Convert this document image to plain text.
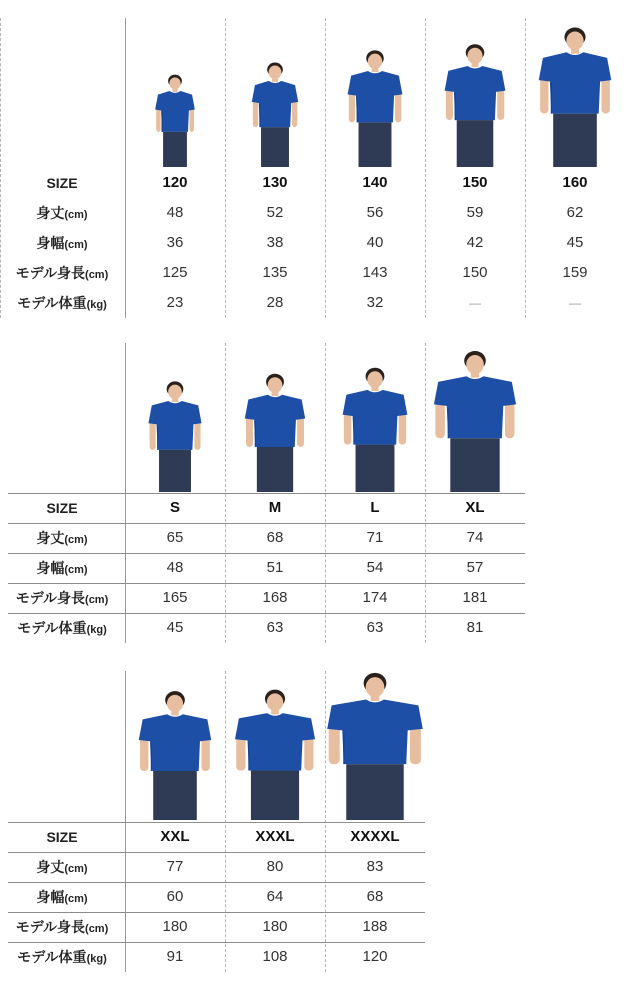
SIZE	120	130	140	150	160
身丈(cm)	48	52	56	59	62
身幅(cm)	36	38	40	42	45
モデル身長(cm)	125	135	143	150	159
モデル体重(kg)	23	28	32	—	—
SIZE	S	M	L	XL
身丈(cm)	65	68	71	74
身幅(cm)	48	51	54	57
モデル身長(cm)	165	168	174	181
モデル体重(kg)	45	63	63	81
SIZE	XXL	XXXL	XXXXL
身丈(cm)	77	80	83
身幅(cm)	60	64	68
モデル身長(cm)	180	180	188
モデル体重(kg)	91	108	120
